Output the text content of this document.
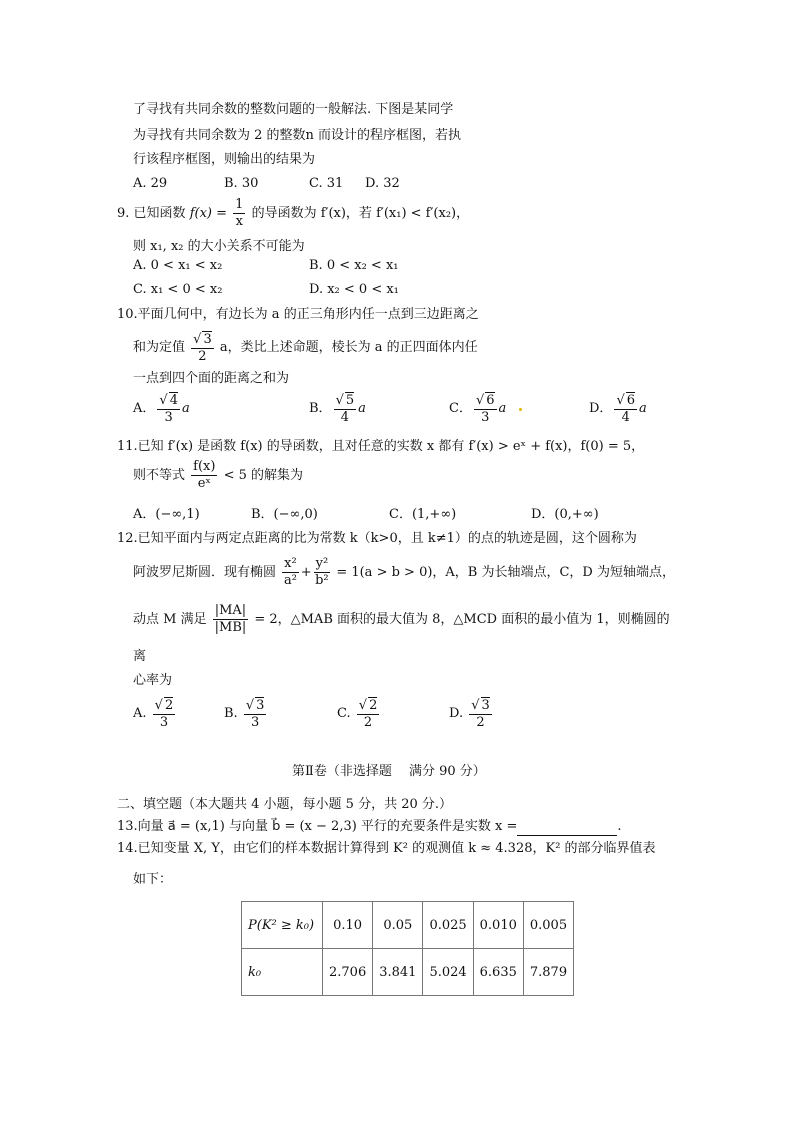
了寻找有共同余数的整数问题的一般解法. 下图是某同学
为寻找有共同余数为 2 的整数n 而设计的程序框图，若执
行该程序框图，则输出的结果为
A. 29	B. 30	C. 31 D. 32
9. 已知函数 $f(x) = \frac{1}{x}$ 的导函数为 f′(x)，若 f′(x₁) < f′(x₂)，
则 x₁, x₂ 的大小关系不可能为
A. 0 < x₁ < x₂	B. 0 < x₂ < x₁
C. x₁ < 0 < x₂	D. x₂ < 0 < x₁
10.平面几何中，有边长为 a 的正三角形内任一点到三边距离之
和为定值 $\frac{√ 3}{2}$ a，类比上述命题，棱长为 a 的正四面体内任
一点到四个面的距离之和为
A． $\frac{√ 4}{3}$ a	B． $\frac{√ 5}{4}$ a	C． $\frac{√ 6}{3}$ a	D． $\frac{√ 6}{4}$ a
11.已知 f′(x) 是函数 f(x) 的导函数，且对任意的实数 x 都有 f′(x) > eˣ + f(x)，f(0) = 5，
则不等式 $\frac{f(x)}{\text{eˣ}} < 5$ 的解集为
A．(−∞,1)	B．(−∞,0)	C．(1,+∞)	D．(0,+∞)
12.已知平面内与两定点距离的比为常数 k（k>0，且 k≠1）的点的轨迹是圆，这个圆称为
阿波罗尼斯圆．现有椭圆 $\frac{\text{x²}}{\text{a²}} + \frac{\text{y²}}{\text{b²}} = 1(a > b > 0)$，A，B 为长轴端点，C，D 为短轴端点，
动点 M 满足 $\frac{|MA|}{|MB|} = 2$，△MAB 面积的最大值为 8，△MCD 面积的最小值为 1，则椭圆的
离
心率为
A. $\frac{√ 2}{3}$	B. $\frac{√ 3}{3}$	C. $\frac{√ 2}{2}$	D. $\frac{√ 3}{2}$
第Ⅱ卷（非选择题　 满分 90 分）
二、填空题（本大题共 4 小题，每小题 5 分，共 20 分.）
13.向量 a⃗ = (x,1) 与向量 b⃗ = (x − 2,3) 平行的充要条件是实数 x =	.
14.已知变量 X, Y，由它们的样本数据计算得到 K² 的观测值 k ≈ 4.328，K² 的部分临界值表
如下：
P(K² ≥ k₀)	0.10	0.05	0.025	0.010	0.005
k₀	2.706	3.841	5.024	6.635	7.879
